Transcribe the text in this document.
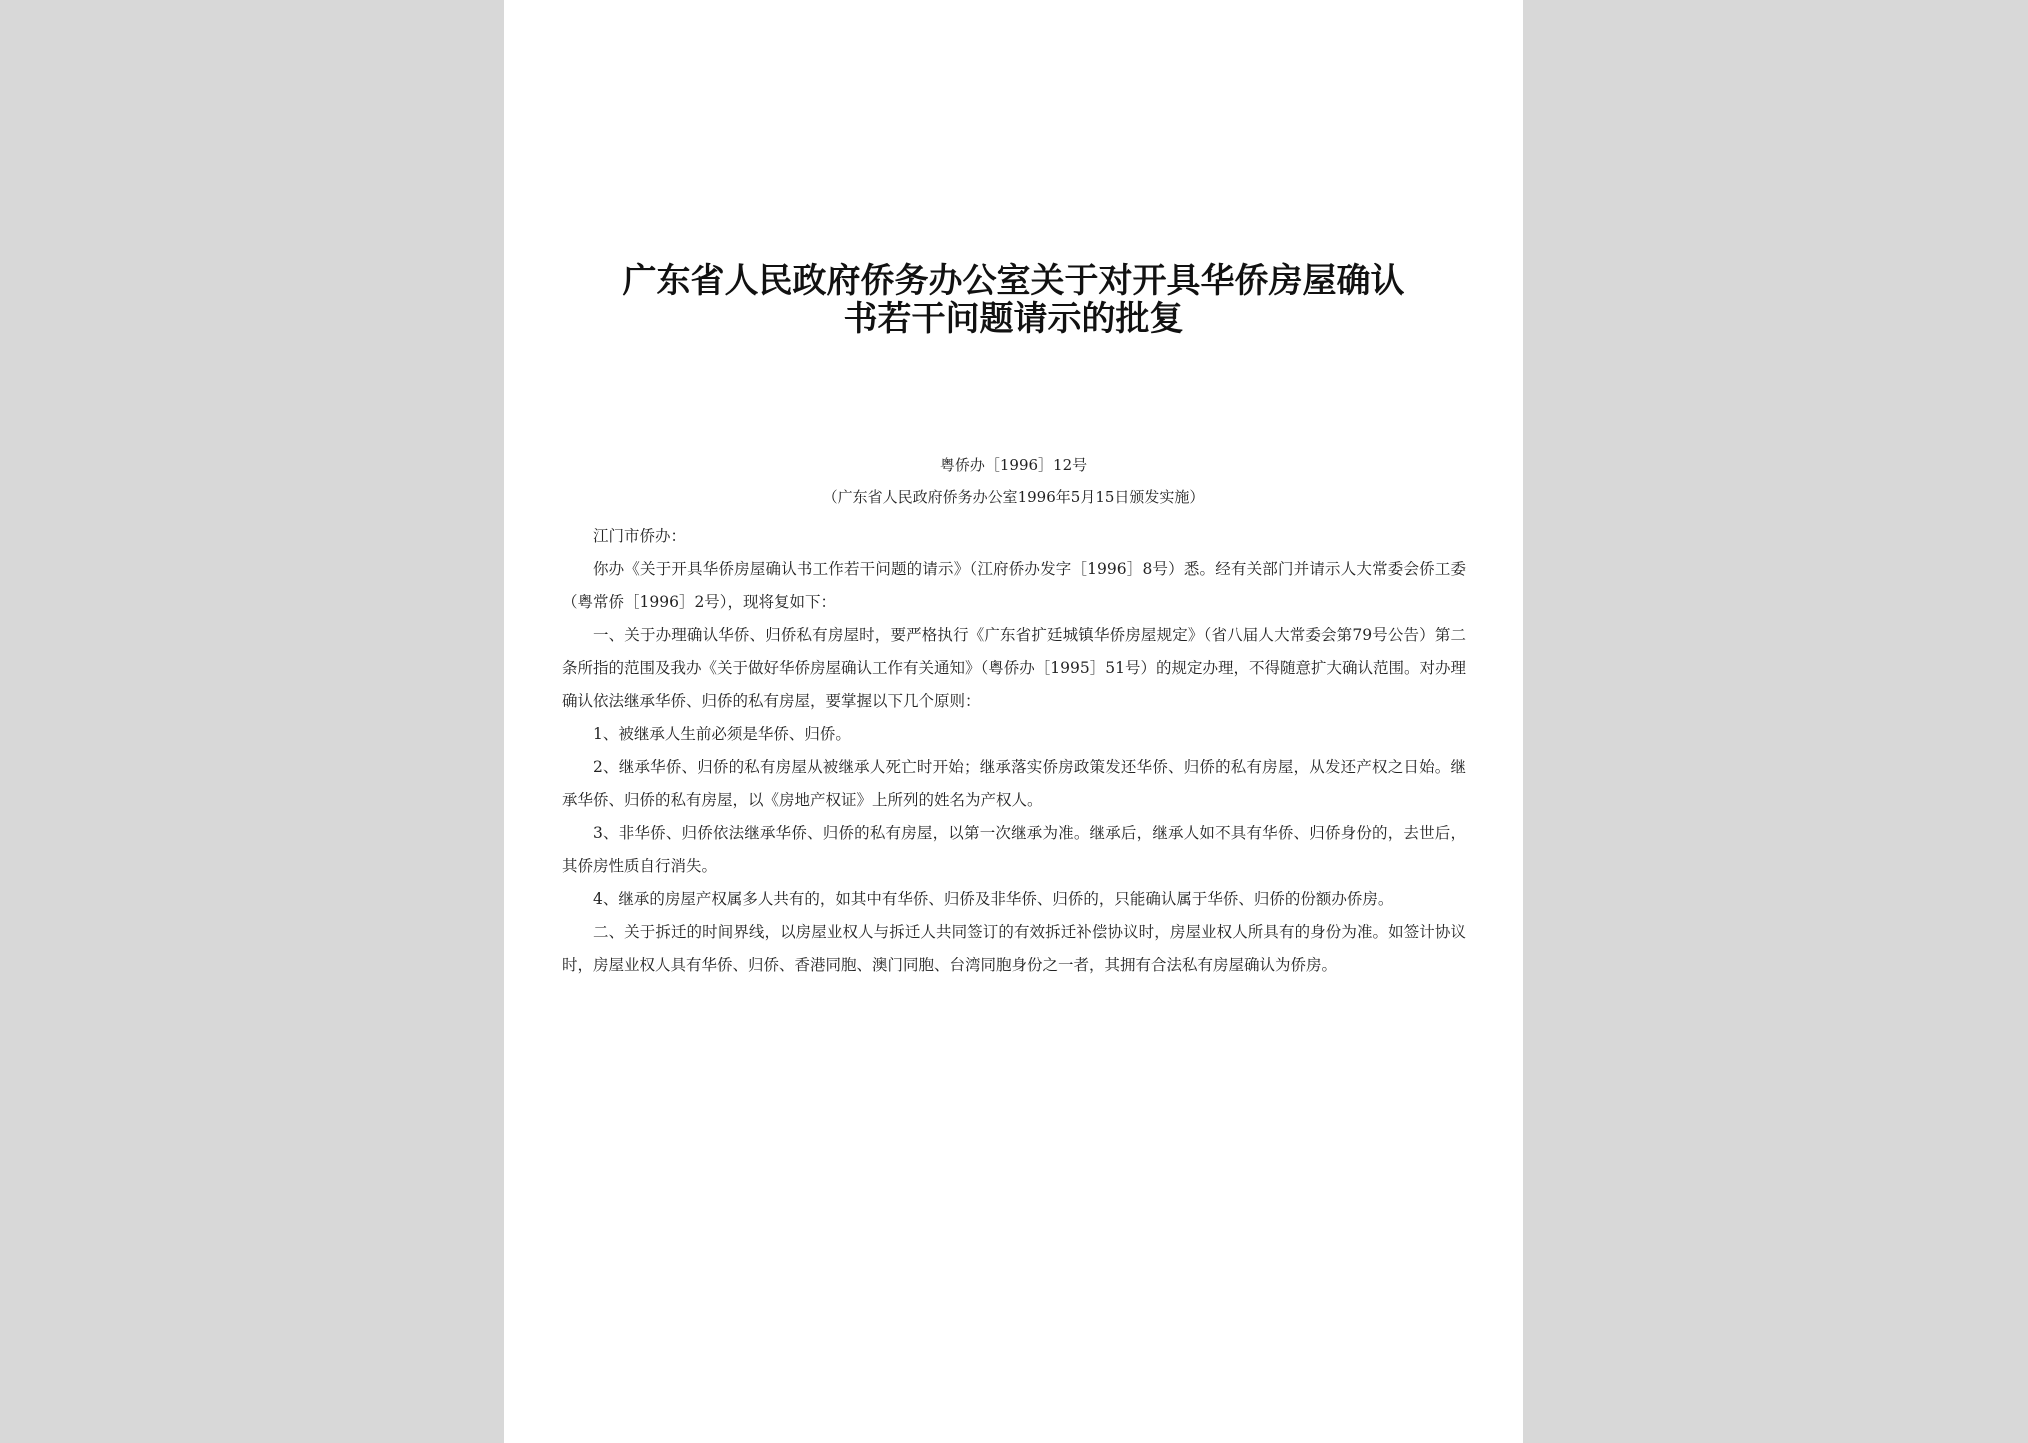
广东省人民政府侨务办公室关于对开具华侨房屋确认
书若干问题请示的批复

粤侨办［1996］12号

（广东省人民政府侨务办公室1996年5月15日颁发实施）

江门市侨办：

你办《关于开具华侨房屋确认书工作若干问题的请示》（江府侨办发字［1996］8号）悉。经有关部门并请示人大常委会侨工委（粤常侨［1996］2号），现将复如下：

一、关于办理确认华侨、归侨私有房屋时，要严格执行《广东省扩廷城镇华侨房屋规定》（省八届人大常委会第79号公告）第二条所指的范围及我办《关于做好华侨房屋确认工作有关通知》（粤侨办［1995］51号）的规定办理，不得随意扩大确认范围。对办理确认依法继承华侨、归侨的私有房屋，要掌握以下几个原则：

1、被继承人生前必须是华侨、归侨。

2、继承华侨、归侨的私有房屋从被继承人死亡时开始；继承落实侨房政策发还华侨、归侨的私有房屋，从发还产权之日始。继承华侨、归侨的私有房屋，以《房地产权证》上所列的姓名为产权人。

3、非华侨、归侨依法继承华侨、归侨的私有房屋，以第一次继承为准。继承后，继承人如不具有华侨、归侨身份的，去世后，其侨房性质自行消失。

4、继承的房屋产权属多人共有的，如其中有华侨、归侨及非华侨、归侨的，只能确认属于华侨、归侨的份额办侨房。

二、关于拆迁的时间界线，以房屋业权人与拆迁人共同签订的有效拆迁补偿协议时，房屋业权人所具有的身份为准。如签计协议时，房屋业权人具有华侨、归侨、香港同胞、澳门同胞、台湾同胞身份之一者，其拥有合法私有房屋确认为侨房。
